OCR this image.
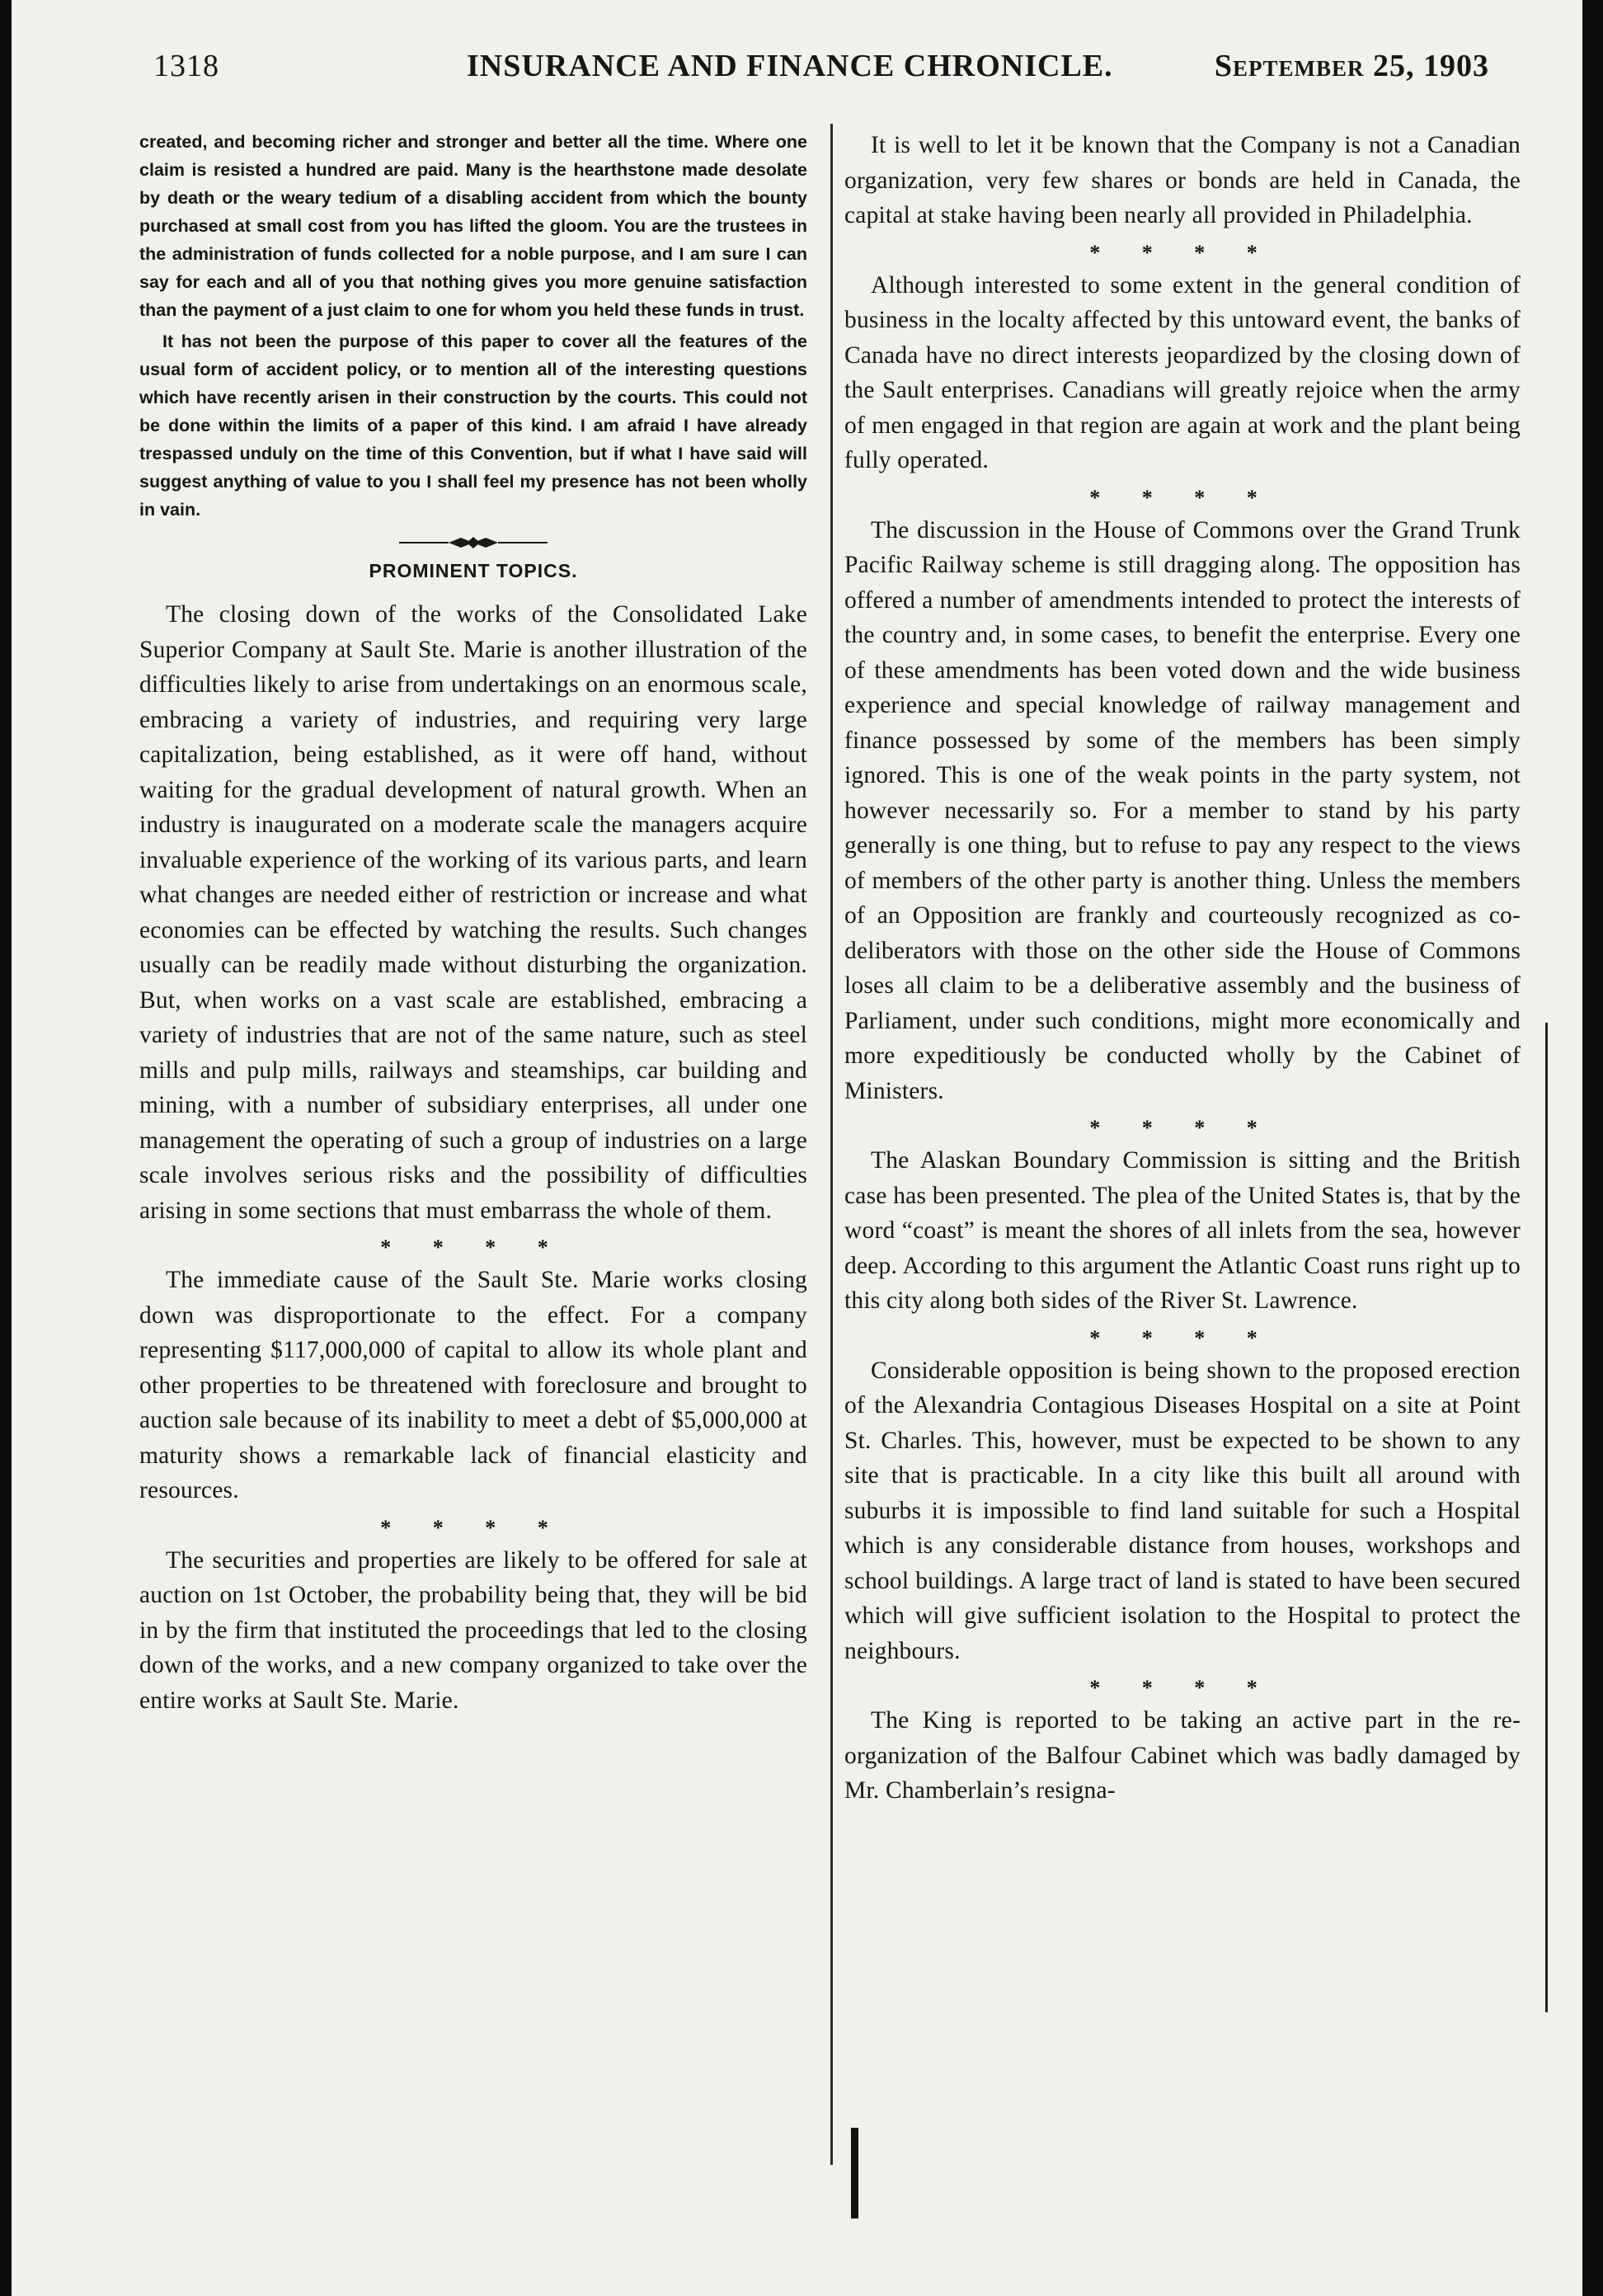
1318	INSURANCE AND FINANCE CHRONICLE.	September 25, 1903

created, and becoming richer and stronger and better all the time. Where one claim is resisted a hundred are paid. Many is the hearthstone made desolate by death or the weary tedium of a disabling accident from which the bounty purchased at small cost from you has lifted the gloom. You are the trustees in the administration of funds collected for a noble purpose, and I am sure I can say for each and all of you that nothing gives you more genuine satisfaction than the payment of a just claim to one for whom you held these funds in trust.

It has not been the purpose of this paper to cover all the features of the usual form of accident policy, or to mention all of the interesting questions which have recently arisen in their construction by the courts. This could not be done within the limits of a paper of this kind. I am afraid I have already trespassed unduly on the time of this Convention, but if what I have said will suggest anything of value to you I shall feel my presence has not been wholly in vain.

PROMINENT TOPICS.

The closing down of the works of the Consolidated Lake Superior Company at Sault Ste. Marie is another illustration of the difficulties likely to arise from undertakings on an enormous scale, embracing a variety of industries, and requiring very large capitalization, being established, as it were off hand, without waiting for the gradual development of natural growth. When an industry is inaugurated on a moderate scale the managers acquire invaluable experience of the working of its various parts, and learn what changes are needed either of restriction or increase and what economies can be effected by watching the results. Such changes usually can be readily made without disturbing the organization. But, when works on a vast scale are established, embracing a variety of industries that are not of the same nature, such as steel mills and pulp mills, railways and steamships, car building and mining, with a number of subsidiary enterprises, all under one management the operating of such a group of industries on a large scale involves serious risks and the possibility of difficulties arising in some sections that must embarrass the whole of them.

* * * *

The immediate cause of the Sault Ste. Marie works closing down was disproportionate to the effect. For a company representing $117,000,000 of capital to allow its whole plant and other properties to be threatened with foreclosure and brought to auction sale because of its inability to meet a debt of $5,000,000 at maturity shows a remarkable lack of financial elasticity and resources.

* * * *

The securities and properties are likely to be offered for sale at auction on 1st October, the probability being that, they will be bid in by the firm that instituted the proceedings that led to the closing down of the works, and a new company organized to take over the entire works at Sault Ste. Marie.

It is well to let it be known that the Company is not a Canadian organization, very few shares or bonds are held in Canada, the capital at stake having been nearly all provided in Philadelphia.

* * * *

Although interested to some extent in the general condition of business in the localty affected by this untoward event, the banks of Canada have no direct interests jeopardized by the closing down of the Sault enterprises. Canadians will greatly rejoice when the army of men engaged in that region are again at work and the plant being fully operated.

* * * *

The discussion in the House of Commons over the Grand Trunk Pacific Railway scheme is still dragging along. The opposition has offered a number of amendments intended to protect the interests of the country and, in some cases, to benefit the enterprise. Every one of these amendments has been voted down and the wide business experience and special knowledge of railway management and finance possessed by some of the members has been simply ignored. This is one of the weak points in the party system, not however necessarily so. For a member to stand by his party generally is one thing, but to refuse to pay any respect to the views of members of the other party is another thing. Unless the members of an Opposition are frankly and courteously recognized as co-deliberators with those on the other side the House of Commons loses all claim to be a deliberative assembly and the business of Parliament, under such conditions, might more economically and more expeditiously be conducted wholly by the Cabinet of Ministers.

* * * *

The Alaskan Boundary Commission is sitting and the British case has been presented. The plea of the United States is, that by the word “coast” is meant the shores of all inlets from the sea, however deep. According to this argument the Atlantic Coast runs right up to this city along both sides of the River St. Lawrence.

* * * *

Considerable opposition is being shown to the proposed erection of the Alexandria Contagious Diseases Hospital on a site at Point St. Charles. This, however, must be expected to be shown to any site that is practicable. In a city like this built all around with suburbs it is impossible to find land suitable for such a Hospital which is any considerable distance from houses, workshops and school buildings. A large tract of land is stated to have been secured which will give sufficient isolation to the Hospital to protect the neighbours.

* * * *

The King is reported to be taking an active part in the re-organization of the Balfour Cabinet which was badly damaged by Mr. Chamberlain’s resigna-
